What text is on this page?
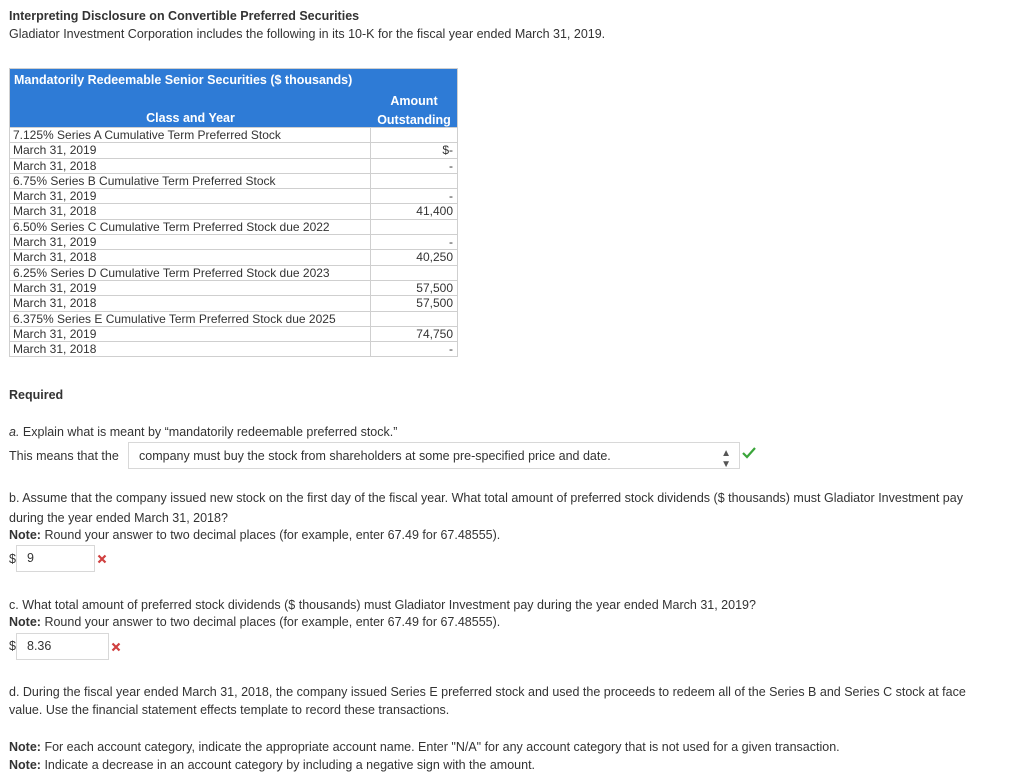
Interpreting Disclosure on Convertible Preferred Securities
Gladiator Investment Corporation includes the following in its 10-K for the fiscal year ended March 31, 2019.
Mandatorily Redeemable Senior Securities ($ thousands)
Class and Year
Amount
Outstanding
7.125% Series A Cumulative Term Preferred Stock
March 31, 2019	$-
March 31, 2018	-
6.75% Series B Cumulative Term Preferred Stock
March 31, 2019	-
March 31, 2018	41,400
6.50% Series C Cumulative Term Preferred Stock due 2022
March 31, 2019	-
March 31, 2018	40,250
6.25% Series D Cumulative Term Preferred Stock due 2023
March 31, 2019	57,500
March 31, 2018	57,500
6.375% Series E Cumulative Term Preferred Stock due 2025
March 31, 2019	74,750
March 31, 2018	-
Required
a. Explain what is meant by “mandatorily redeemable preferred stock.”
This means that the company must buy the stock from shareholders at some pre-specified price and date.	▲
▼
b. Assume that the company issued new stock on the first day of the fiscal year. What total amount of preferred stock dividends ($ thousands) must Gladiator Investment pay
during the year ended March 31, 2018?
Note: Round your answer to two decimal places (for example, enter 67.49 for 67.48555).
$ 9
c. What total amount of preferred stock dividends ($ thousands) must Gladiator Investment pay during the year ended March 31, 2019?
Note: Round your answer to two decimal places (for example, enter 67.49 for 67.48555).
$ 8.36
d. During the fiscal year ended March 31, 2018, the company issued Series E preferred stock and used the proceeds to redeem all of the Series B and Series C stock at face
value. Use the financial statement effects template to record these transactions.
Note: For each account category, indicate the appropriate account name. Enter "N/A" for any account category that is not used for a given transaction.
Note: Indicate a decrease in an account category by including a negative sign with the amount.
